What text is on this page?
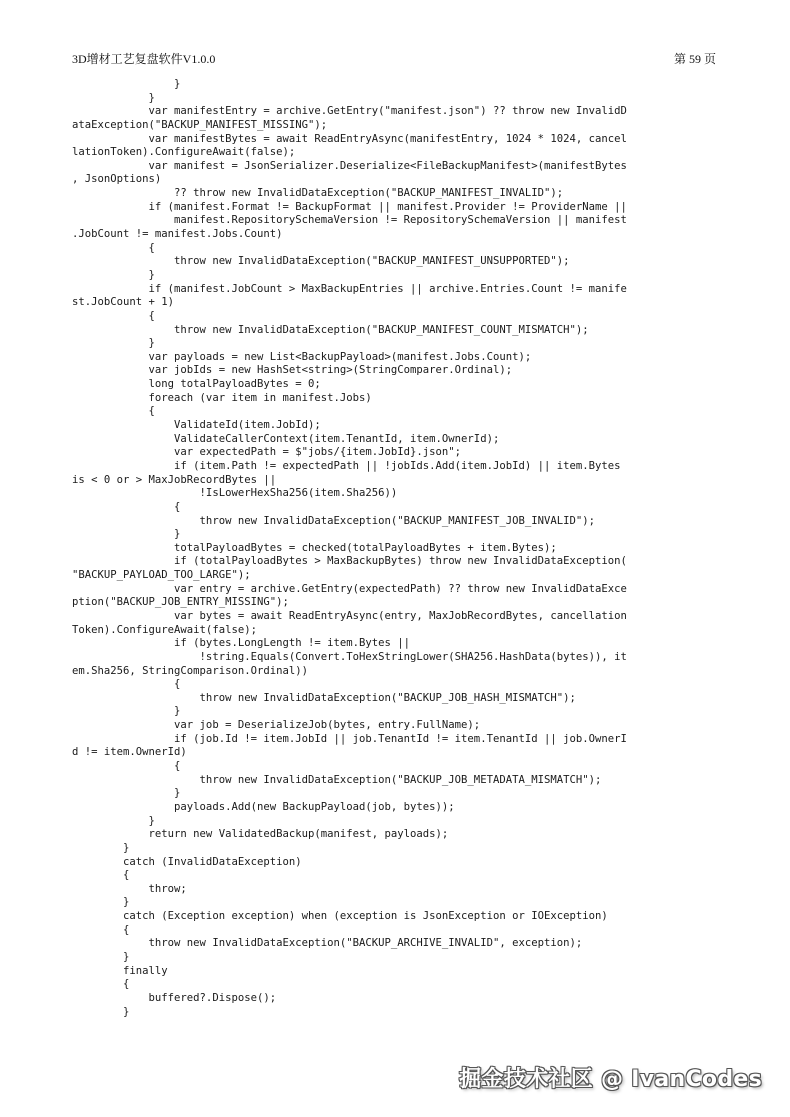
3D增材工艺复盘软件V1.0.0	第 59 页
}
}
var manifestEntry = archive.GetEntry("manifest.json") ?? throw new InvalidD
ataException("BACKUP_MANIFEST_MISSING");
var manifestBytes = await ReadEntryAsync(manifestEntry, 1024 * 1024, cancel
lationToken).ConfigureAwait(false);
var manifest = JsonSerializer.Deserialize<FileBackupManifest>(manifestBytes
, JsonOptions)
?? throw new InvalidDataException("BACKUP_MANIFEST_INVALID");
if (manifest.Format != BackupFormat || manifest.Provider != ProviderName ||
manifest.RepositorySchemaVersion != RepositorySchemaVersion || manifest
.JobCount != manifest.Jobs.Count)
{
throw new InvalidDataException("BACKUP_MANIFEST_UNSUPPORTED");
}
if (manifest.JobCount > MaxBackupEntries || archive.Entries.Count != manife
st.JobCount + 1)
{
throw new InvalidDataException("BACKUP_MANIFEST_COUNT_MISMATCH");
}
var payloads = new List<BackupPayload>(manifest.Jobs.Count);
var jobIds = new HashSet<string>(StringComparer.Ordinal);
long totalPayloadBytes = 0;
foreach (var item in manifest.Jobs)
{
ValidateId(item.JobId);
ValidateCallerContext(item.TenantId, item.OwnerId);
var expectedPath = $"jobs/{item.JobId}.json";
if (item.Path != expectedPath || !jobIds.Add(item.JobId) || item.Bytes
is < 0 or > MaxJobRecordBytes ||
!IsLowerHexSha256(item.Sha256))
{
throw new InvalidDataException("BACKUP_MANIFEST_JOB_INVALID");
}
totalPayloadBytes = checked(totalPayloadBytes + item.Bytes);
if (totalPayloadBytes > MaxBackupBytes) throw new InvalidDataException(
"BACKUP_PAYLOAD_TOO_LARGE");
var entry = archive.GetEntry(expectedPath) ?? throw new InvalidDataExce
ption("BACKUP_JOB_ENTRY_MISSING");
var bytes = await ReadEntryAsync(entry, MaxJobRecordBytes, cancellation
Token).ConfigureAwait(false);
if (bytes.LongLength != item.Bytes ||
!string.Equals(Convert.ToHexStringLower(SHA256.HashData(bytes)), it
em.Sha256, StringComparison.Ordinal))
{
throw new InvalidDataException("BACKUP_JOB_HASH_MISMATCH");
}
var job = DeserializeJob(bytes, entry.FullName);
if (job.Id != item.JobId || job.TenantId != item.TenantId || job.OwnerI
d != item.OwnerId)
{
throw new InvalidDataException("BACKUP_JOB_METADATA_MISMATCH");
}
payloads.Add(new BackupPayload(job, bytes));
}
return new ValidatedBackup(manifest, payloads);
}
catch (InvalidDataException)
{
throw;
}
catch (Exception exception) when (exception is JsonException or IOException)
{
throw new InvalidDataException("BACKUP_ARCHIVE_INVALID", exception);
}
finally
{
buffered?.Dispose();
}
掘金技术社区 @ IvanCodes
